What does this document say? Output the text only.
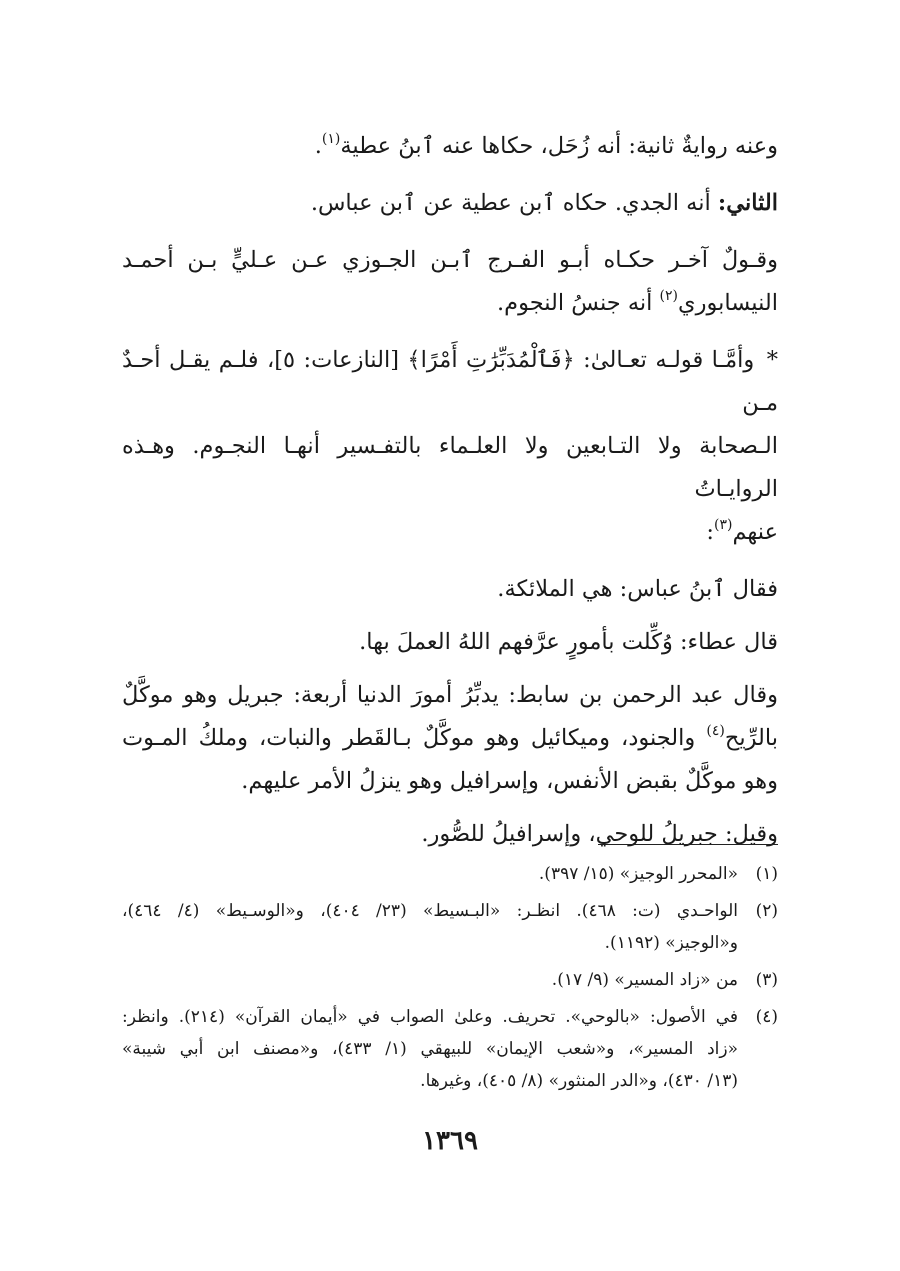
وعنه روايةٌ ثانية: أنه زُحَل، حكاها عنه ٱبنُ عطية$^{(١)}$.

الثاني: أنه الجدي. حكاه ٱبن عطية عن ٱبن عباس.

وقـولٌ آخـر حكـاه أبـو الفـرج ٱبـن الجـوزي عـن عـليٍّ بـن أحمـد
النيسابوري$^{(٢)}$ أنه جنسُ النجوم.

* وأمَّـا قولـه تعـالىٰ: ﴿فَٱلْمُدَبِّرَٰتِ أَمْرًا﴾ [النازعات: ٥]، فلـم يقـل أحـدٌ مـن
الـصحابة ولا التـابعين ولا العلـماء بالتفـسير أنهـا النجـوم. وهـذه الروايـاتُ
عنهم$^{(٣)}$:

فقال ٱبنُ عباس: هي الملائكة.

قال عطاء: وُكِّلت بأمورٍ عرَّفهم اللهُ العملَ بها.

وقال عبد الرحمن بن سابط: يدبِّرُ أمورَ الدنيا أربعة: جبريل وهو موكَّلٌ
بالرِّيح$^{(٤)}$ والجنود، وميكائيل وهو موكَّلٌ بـالقَطر والنبات، وملكُ المـوت
وهو موكَّلٌ بقبض الأنفس، وإسرافيل وهو ينزلُ الأمر عليهم.

وقيل: جبريلُ للوحي، وإسرافيلُ للصُّور.

(١)
«المحرر الوجيز» (١٥/ ٣٩٧).
(٢)
الواحـدي (ت: ٤٦٨). انظـر: «البـسيط» (٢٣/ ٤٠٤)، و«الوسـيط» (٤/ ٤٦٤)،
و«الوجيز» (١١٩٢).
(٣)
من «زاد المسير» (٩/ ١٧).
(٤)
في الأصول: «بالوحي». تحريف. وعلىٰ الصواب في «أيمان القرآن» (٢١٤). وانظر:
«زاد المسير»، و«شعب الإيمان» للبيهقي (١/ ٤٣٣)، و«مصنف ابن أبي شيبة»
(١٣/ ٤٣٠)، و«الدر المنثور» (٨/ ٤٠٥)، وغيرها.
١٣٦٩
